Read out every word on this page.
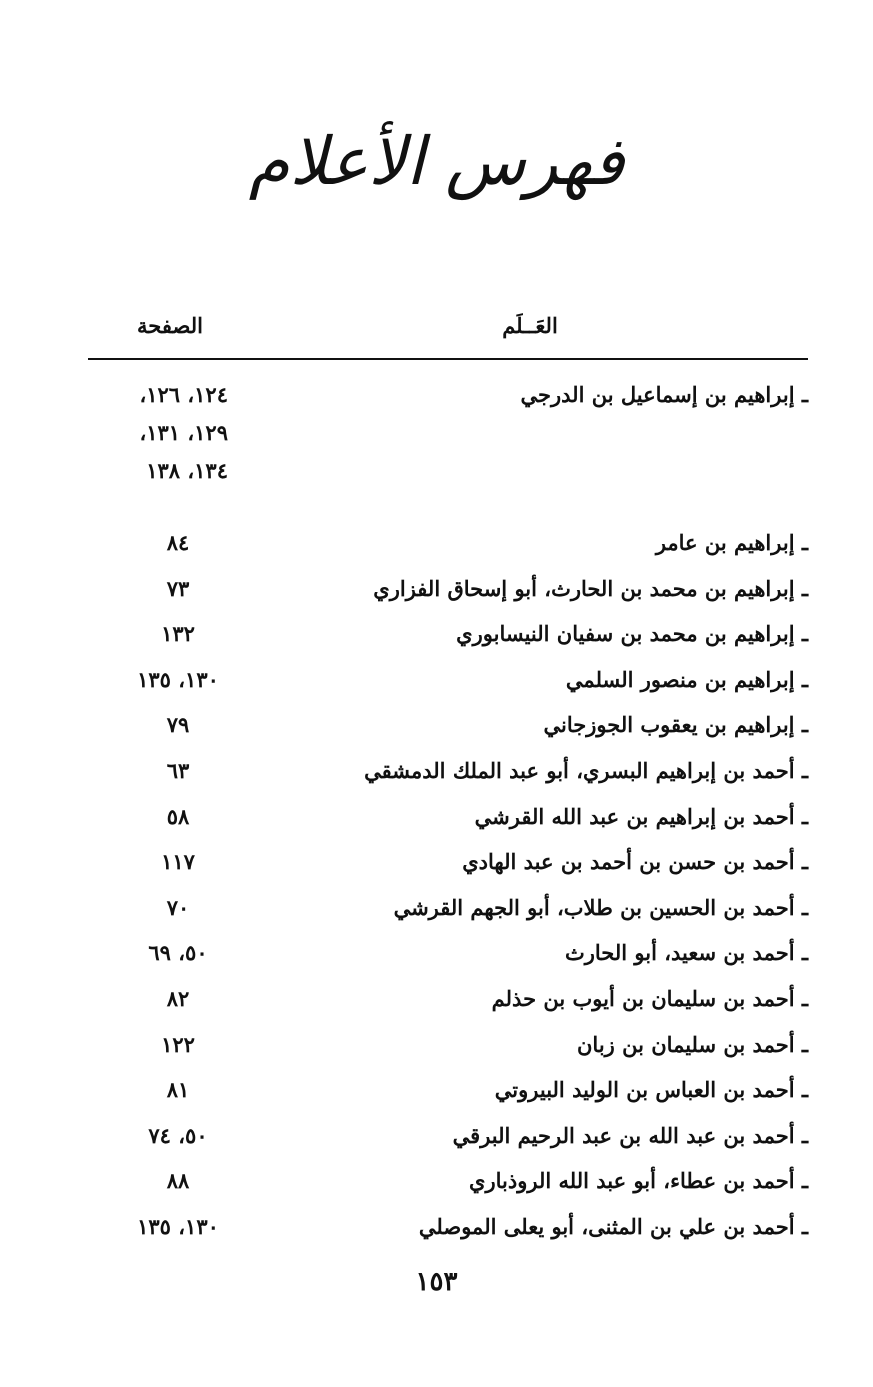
فهرس الأعلام
العَــلَم
الصفحة
ـ إبراهيم بن إسماعيل بن الدرجي
١٢٤، ١٢٦،
١٢٩، ١٣١،
١٣٤، ١٣٨
ـ إبراهيم بن عامر
٨٤
ـ إبراهيم بن محمد بن الحارث، أبو إسحاق الفزاري
٧٣
ـ إبراهيم بن محمد بن سفيان النيسابوري
١٣٢
ـ إبراهيم بن منصور السلمي
١٣٠، ١٣٥
ـ إبراهيم بن يعقوب الجوزجاني
٧٩
ـ أحمد بن إبراهيم البسري، أبو عبد الملك الدمشقي
٦٣
ـ أحمد بن إبراهيم بن عبد الله القرشي
٥٨
ـ أحمد بن حسن بن أحمد بن عبد الهادي
١١٧
ـ أحمد بن الحسين بن طلاب، أبو الجهم القرشي
٧٠
ـ أحمد بن سعيد، أبو الحارث
٥٠، ٦٩
ـ أحمد بن سليمان بن أيوب بن حذلم
٨٢
ـ أحمد بن سليمان بن زبان
١٢٢
ـ أحمد بن العباس بن الوليد البيروتي
٨١
ـ أحمد بن عبد الله بن عبد الرحيم البرقي
٥٠، ٧٤
ـ أحمد بن عطاء، أبو عبد الله الروذباري
٨٨
ـ أحمد بن علي بن المثنى، أبو يعلى الموصلي
١٣٠، ١٣٥
١٥٣
